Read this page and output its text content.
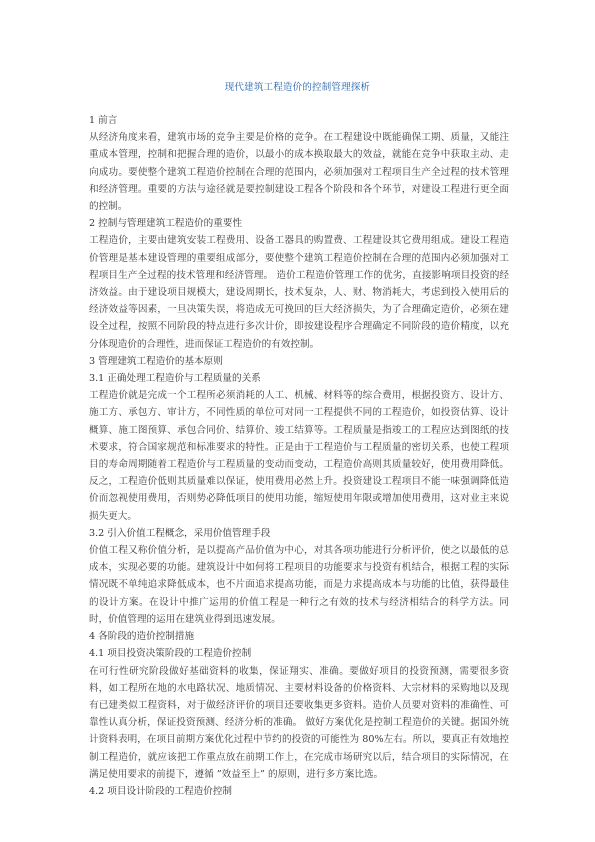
现代建筑工程造价的控制管理探析

1 前言

从经济角度来看，建筑市场的竞争主要是价格的竞争。在工程建设中既能确保工期、质量，又能注重成本管理，控制和把握合理的造价，以最小的成本换取最大的效益，就能在竞争中获取主动、走向成功。要使整个建筑工程造价控制在合理的范围内，必须加强对工程项目生产全过程的技术管理和经济管理。重要的方法与途径就是要控制建设工程各个阶段和各个环节，对建设工程进行更全面的控制。

2 控制与管理建筑工程造价的重要性

工程造价，主要由建筑安装工程费用、设备工器具的购置费、工程建设其它费用组成。建设工程造价管理是基本建设管理的重要组成部分，要使整个建筑工程造价控制在合理的范围内必须加强对工程项目生产全过程的技术管理和经济管理。 造价工程造价管理工作的优劣，直接影响项目投资的经济效益。由于建设项目规模大，建设周期长，技术复杂，人、财、物消耗大，考虑到投入使用后的经济效益等因素，一旦决策失误，将造成无可挽回的巨大经济损失，为了合理确定造价，必须在建设全过程，按照不同阶段的特点进行多次计价，即按建设程序合理确定不同阶段的造价精度，以充分体现造价的合理性，进而保证工程造价的有效控制。

3 管理建筑工程造价的基本原则

3.1 正确处理工程造价与工程质量的关系

工程造价就是完成一个工程所必须消耗的人工、机械、材料等的综合费用，根据投资方、设计方、施工方、承包方、审计方，不同性质的单位可对同一工程提供不同的工程造价，如投资估算、设计概算、施工图预算、承包合同价、结算价、竣工结算等。工程质量是指竣工的工程应达到图纸的技术要求，符合国家规范和标准要求的特性。正是由于工程造价与工程质量的密切关系，也使工程项目的寿命周期随着工程造价与工程质量的变动而变动，工程造价高则其质量较好，使用费用降低。反之，工程造价低则其质量难以保证，使用费用必然上升。投资建设工程项目不能一味强调降低造价而忽视使用费用，否则势必降低项目的使用功能，缩短使用年限或增加使用费用，这对业主来说损失更大。

3.2 引入价值工程概念，采用价值管理手段

价值工程又称价值分析，是以提高产品价值为中心，对其各项功能进行分析评价，使之以最低的总成本，实现必要的功能。建筑设计中如何将工程项目的功能要求与投资有机结合，根据工程的实际情况既不单纯追求降低成本，也不片面追求提高功能，而是力求提高成本与功能的比值，获得最佳的设计方案。在设计中推广运用的价值工程是一种行之有效的技术与经济相结合的科学方法。同时，价值管理的运用在建筑业得到迅速发展。

4 各阶段的造价控制措施

4.1 项目投资决策阶段的工程造价控制

在可行性研究阶段做好基础资料的收集，保证翔实、准确。要做好项目的投资预测，需要很多资料，如工程所在地的水电路状况、地质情况、主要材料设备的价格资料、大宗材料的采购地以及现有已建类似工程资料，对于做经济评价的项目还要收集更多资料。造价人员要对资料的准确性、可靠性认真分析，保证投资预测、经济分析的准确。 做好方案优化是控制工程造价的关键。据国外统计资料表明，在项目前期方案优化过程中节约的投资的可能性为 80%左右。所以，要真正有效地控制工程造价，就应该把工作重点放在前期工作上，在完成市场研究以后，结合项目的实际情况，在满足使用要求的前提下，遵循 ”效益至上” 的原则，进行多方案比选。

4.2 项目设计阶段的工程造价控制
